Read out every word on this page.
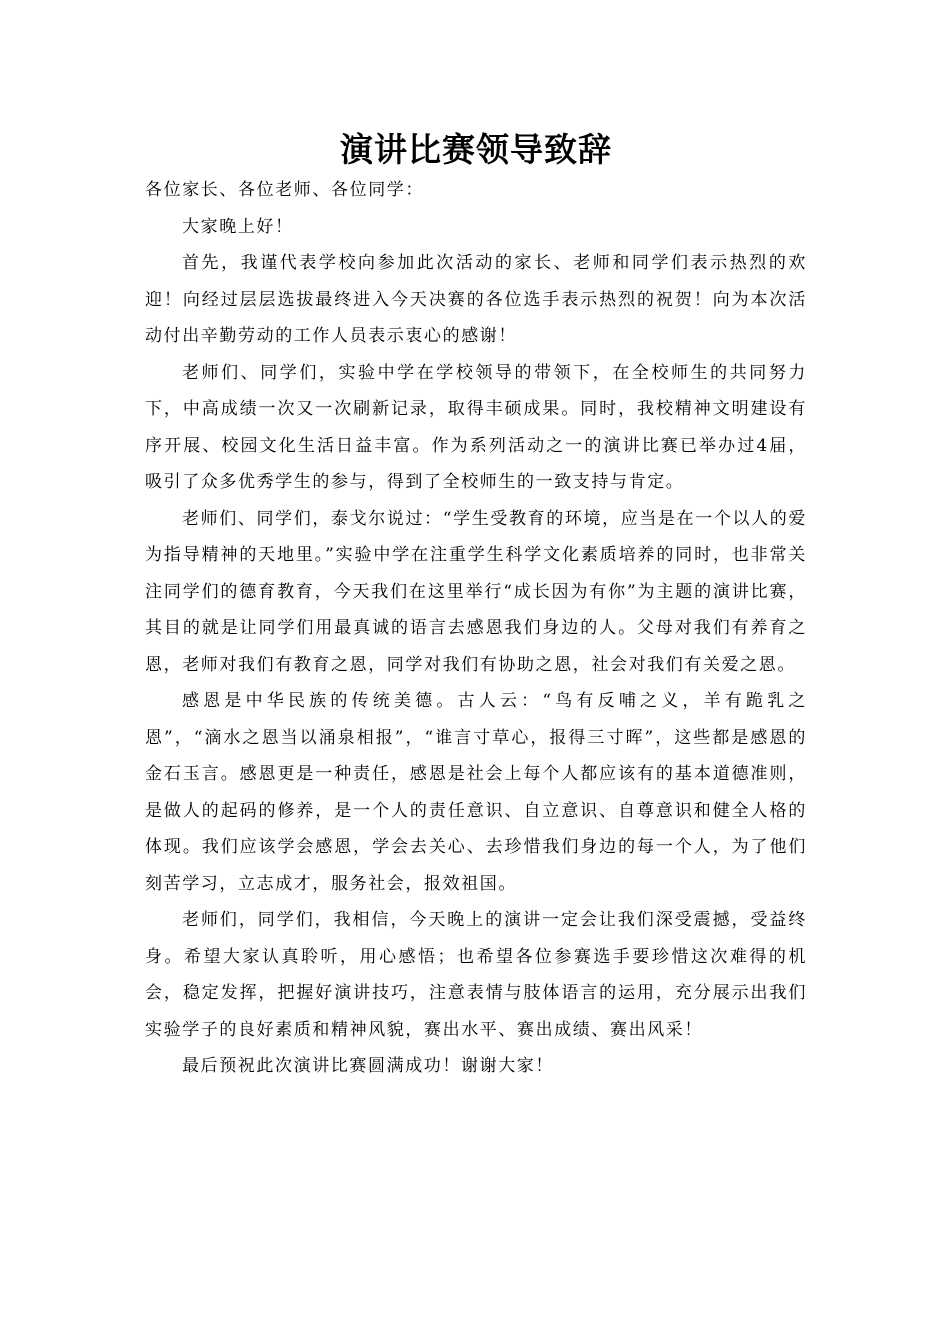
演讲比赛领导致辞

各位家长、各位老师、各位同学：

大家晚上好！

首先，我谨代表学校向参加此次活动的家长、老师和同学们表示热烈的欢迎！向经过层层选拔最终进入今天决赛的各位选手表示热烈的祝贺！向为本次活动付出辛勤劳动的工作人员表示衷心的感谢！

老师们、同学们，实验中学在学校领导的带领下，在全校师生的共同努力下，中高成绩一次又一次刷新记录，取得丰硕成果。同时，我校精神文明建设有序开展、校园文化生活日益丰富。作为系列活动之一的演讲比赛已举办过4届，吸引了众多优秀学生的参与，得到了全校师生的一致支持与肯定。

老师们、同学们，泰戈尔说过：“学生受教育的环境，应当是在一个以人的爱为指导精神的天地里。”实验中学在注重学生科学文化素质培养的同时，也非常关注同学们的德育教育，今天我们在这里举行“成长因为有你”为主题的演讲比赛，其目的就是让同学们用最真诚的语言去感恩我们身边的人。父母对我们有养育之恩，老师对我们有教育之恩，同学对我们有协助之恩，社会对我们有关爱之恩。

感恩是中华民族的传统美德。古人云：“鸟有反哺之义，羊有跪乳之恩”，“滴水之恩当以涌泉相报”，“谁言寸草心，报得三寸晖”，这些都是感恩的金石玉言。感恩更是一种责任，感恩是社会上每个人都应该有的基本道德准则，是做人的起码的修养，是一个人的责任意识、自立意识、自尊意识和健全人格的体现。我们应该学会感恩，学会去关心、去珍惜我们身边的每一个人，为了他们刻苦学习，立志成才，服务社会，报效祖国。

老师们，同学们，我相信，今天晚上的演讲一定会让我们深受震撼，受益终身。希望大家认真聆听，用心感悟；也希望各位参赛选手要珍惜这次难得的机会，稳定发挥，把握好演讲技巧，注意表情与肢体语言的运用，充分展示出我们实验学子的良好素质和精神风貌，赛出水平、赛出成绩、赛出风采！

最后预祝此次演讲比赛圆满成功！谢谢大家！
